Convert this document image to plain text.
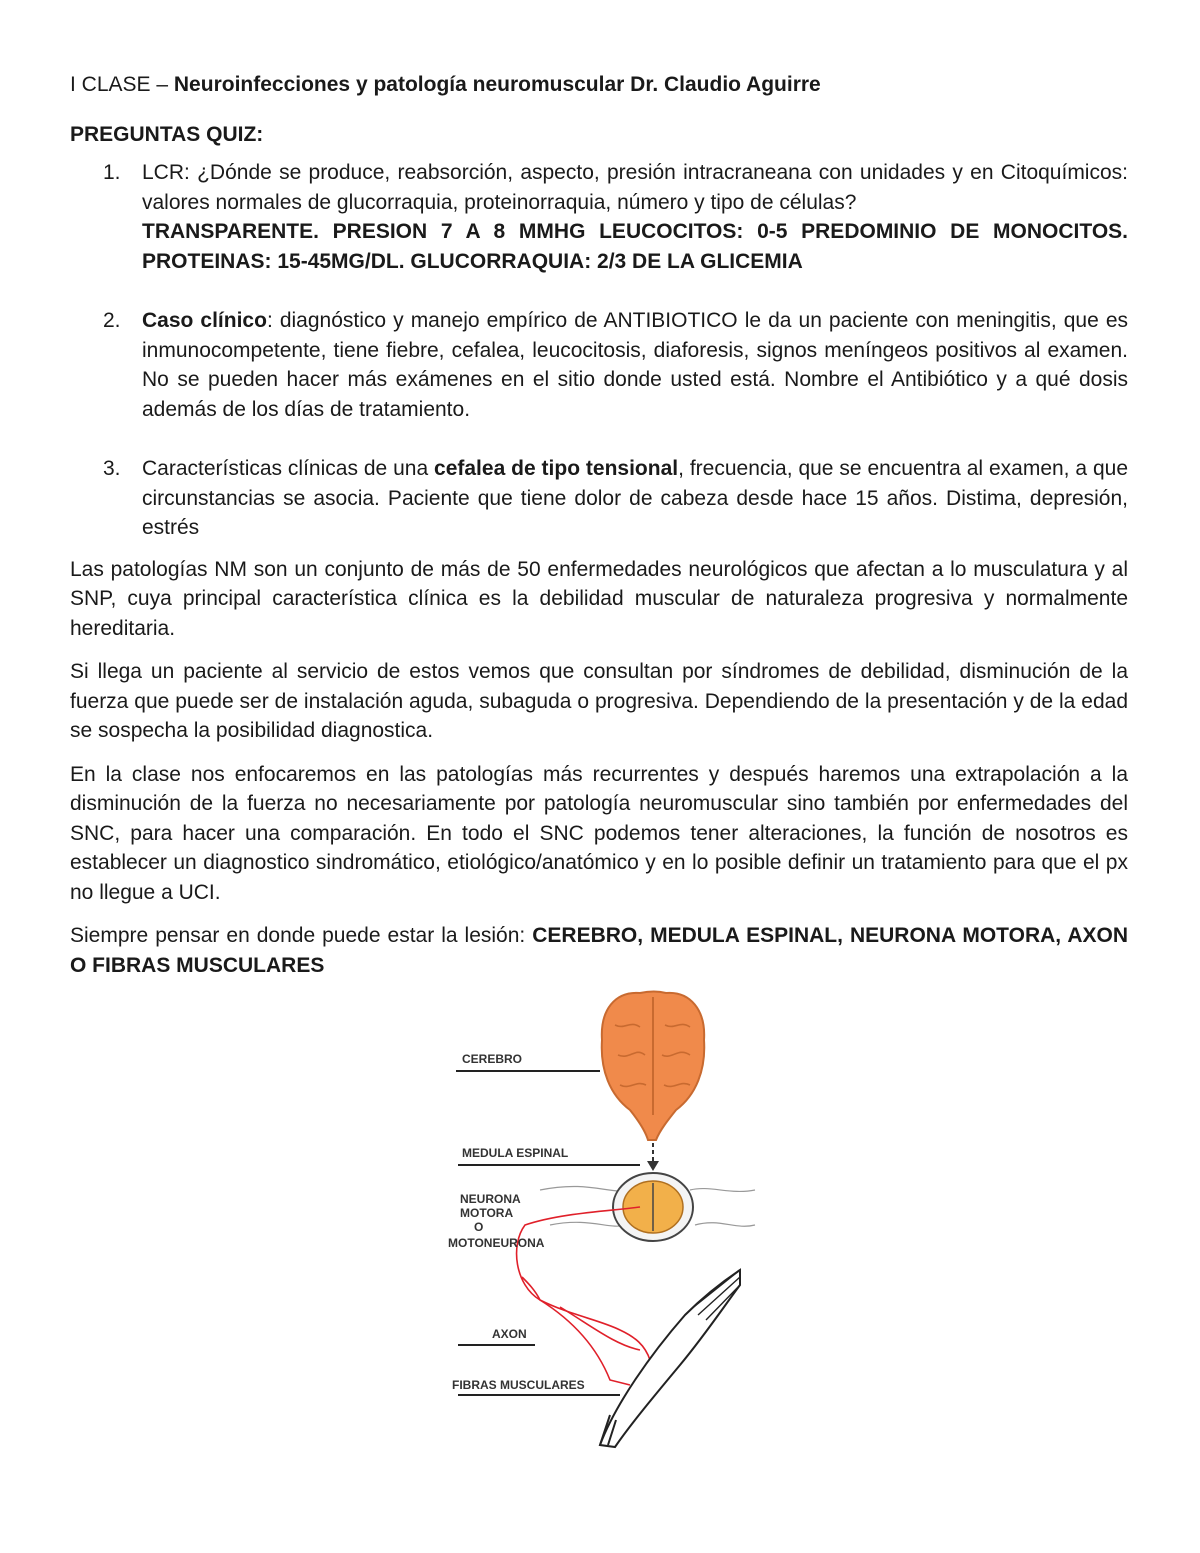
I CLASE – Neuroinfecciones y patología neuromuscular Dr. Claudio Aguirre
PREGUNTAS QUIZ:
1. LCR: ¿Dónde se produce, reabsorción, aspecto, presión intracraneana con unidades y en Citoquímicos: valores normales de glucorraquia, proteinorraquia, número y tipo de células?
TRANSPARENTE. PRESION 7 A 8 MMHG LEUCOCITOS: 0-5 PREDOMINIO DE MONOCITOS. PROTEINAS: 15-45MG/DL. GLUCORRAQUIA: 2/3 DE LA GLICEMIA
2. Caso clínico: diagnóstico y manejo empírico de ANTIBIOTICO le da un paciente con meningitis, que es inmunocompetente, tiene fiebre, cefalea, leucocitosis, diaforesis, signos meníngeos positivos al examen. No se pueden hacer más exámenes en el sitio donde usted está. Nombre el Antibiótico y a qué dosis además de los días de tratamiento.
3. Características clínicas de una cefalea de tipo tensional, frecuencia, que se encuentra al examen, a que circunstancias se asocia. Paciente que tiene dolor de cabeza desde hace 15 años. Distima, depresión, estrés

Las patologías NM son un conjunto de más de 50 enfermedades neurológicos que afectan a lo musculatura y al SNP, cuya principal característica clínica es la debilidad muscular de naturaleza progresiva y normalmente hereditaria.

Si llega un paciente al servicio de estos vemos que consultan por síndromes de debilidad, disminución de la fuerza que puede ser de instalación aguda, subaguda o progresiva. Dependiendo de la presentación y de la edad se sospecha la posibilidad diagnostica.

En la clase nos enfocaremos en las patologías más recurrentes y después haremos una extrapolación a la disminución de la fuerza no necesariamente por patología neuromuscular sino también por enfermedades del SNC, para hacer una comparación. En todo el SNC podemos tener alteraciones, la función de nosotros es establecer un diagnostico sindromático, etiológico/anatómico y en lo posible definir un tratamiento para que el px no llegue a UCI.

Siempre pensar en donde puede estar la lesión: CEREBRO, MEDULA ESPINAL, NEURONA MOTORA, AXON O FIBRAS MUSCULARES

CEREBRO
MEDULA ESPINAL
NEURONA
MOTORA
O
MOTONEURONA
AXON
FIBRAS MUSCULARES
